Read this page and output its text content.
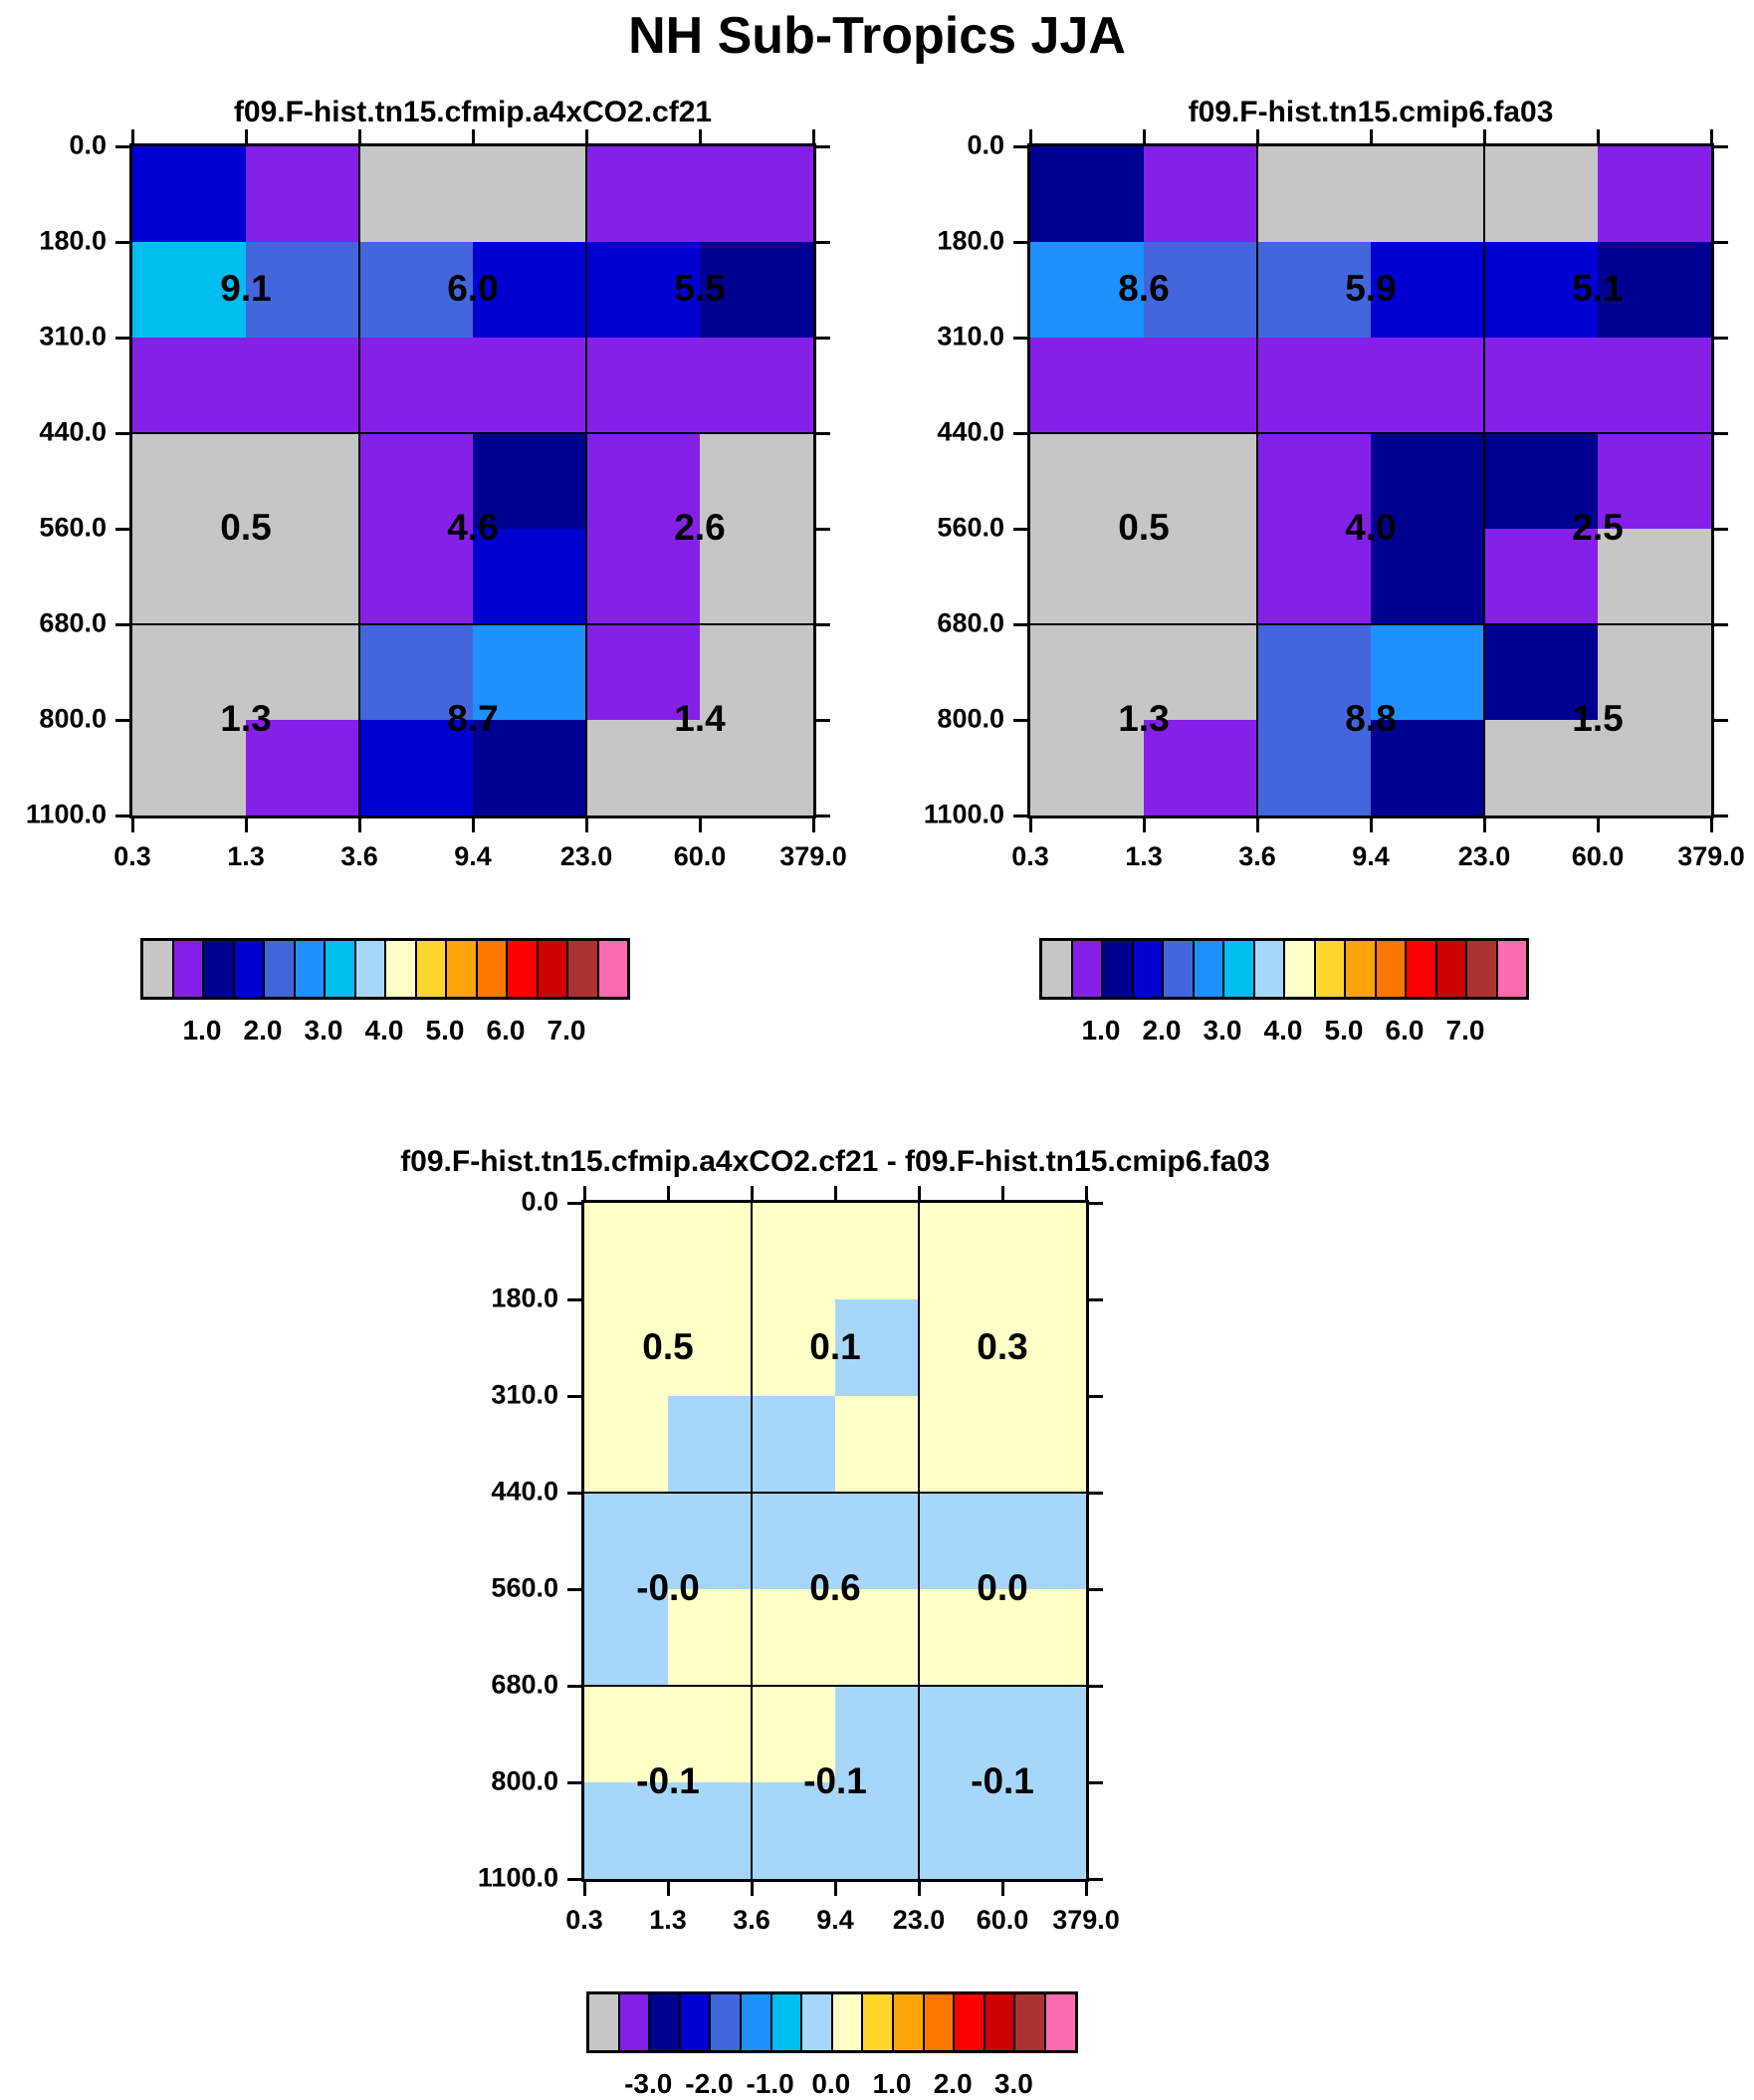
NH Sub-Tropics JJA
f09.F-hist.tn15.cfmip.a4xCO2.cf21	f09.F-hist.tn15.cmip6.fa03
f09.F-hist.tn15.cfmip.a4xCO2.cf21 - f09.F-hist.tn15.cmip6.fa03
0.3	1.3	3.6	9.4	23.0 60.0 379.0
0.0
180.0
310.0
440.0
560.0
680.0
800.0
1100.0
9.1	6.0	5.5
0.5	4.6	2.6
1.3	8.7	1.4
0.3	1.3	3.6	9.4	23.0 60.0 379.0
0.0
180.0
310.0
440.0
560.0
680.0
800.0
1100.0
8.6	5.9	5.1
0.5	4.0	2.5
1.3	8.8	1.5
0.3 1.3 3.6 9.4 23.0 60.0 379.0
0.0
180.0
310.0
440.0
560.0
680.0
800.0
1100.0
0.5	0.1	0.3
-0.0	0.6	0.0
-0.1	-0.1	-0.1
1.0 2.0 3.0 4.0 5.0 6.0 7.0	1.0 2.0 3.0 4.0 5.0 6.0 7.0
-3.0 -2.0 -1.0 0.0 1.0 2.0 3.0
